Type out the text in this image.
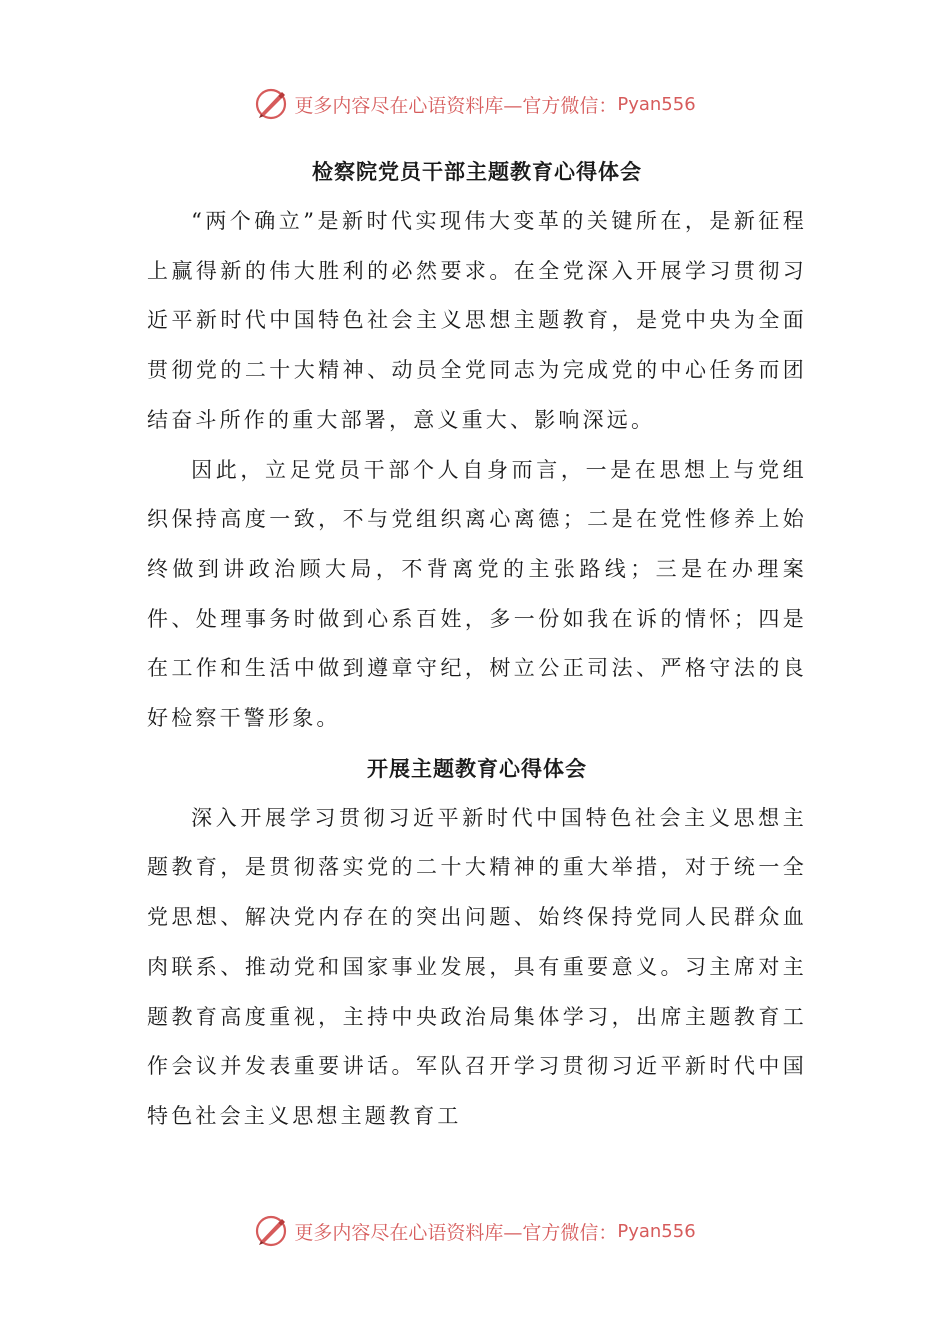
更多内容尽在心语资料库—官方微信： Pyan556
检察院党员干部主题教育心得体会

“两个确立”是新时代实现伟大变革的关键所在，是新征程上赢得新的伟大胜利的必然要求。在全党深入开展学习贯彻习近平新时代中国特色社会主义思想主题教育，是党中央为全面贯彻党的二十大精神、动员全党同志为完成党的中心任务而团结奋斗所作的重大部署，意义重大、影响深远。

因此，立足党员干部个人自身而言，一是在思想上与党组织保持高度一致，不与党组织离心离德；二是在党性修养上始终做到讲政治顾大局，不背离党的主张路线；三是在办理案件、处理事务时做到心系百姓，多一份如我在诉的情怀；四是在工作和生活中做到遵章守纪，树立公正司法、严格守法的良好检察干警形象。

开展主题教育心得体会

深入开展学习贯彻习近平新时代中国特色社会主义思想主题教育，是贯彻落实党的二十大精神的重大举措，对于统一全党思想、解决党内存在的突出问题、始终保持党同人民群众血肉联系、推动党和国家事业发展，具有重要意义。习主席对主题教育高度重视，主持中央政治局集体学习，出席主题教育工作会议并发表重要讲话。军队召开学习贯彻习近平新时代中国特色社会主义思想主题教育工

更多内容尽在心语资料库—官方微信： Pyan556
